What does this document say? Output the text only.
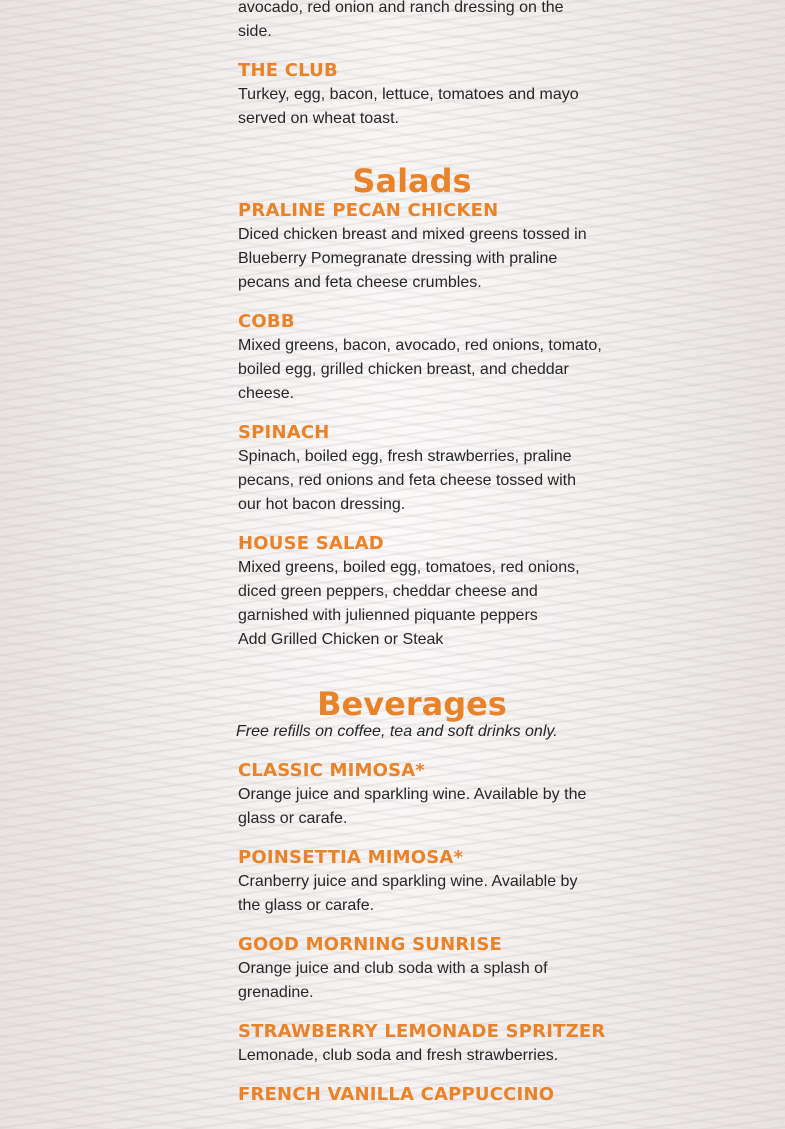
avocado, red onion and ranch dressing on the
side.

THE CLUB

Turkey, egg, bacon, lettuce, tomatoes and mayo
served on wheat toast.

Salads
PRALINE PECAN CHICKEN

Diced chicken breast and mixed greens tossed in
Blueberry Pomegranate dressing with praline
pecans and feta cheese crumbles.

COBB

Mixed greens, bacon, avocado, red onions, tomato,
boiled egg, grilled chicken breast, and cheddar
cheese.

SPINACH

Spinach, boiled egg, fresh strawberries, praline
pecans, red onions and feta cheese tossed with
our hot bacon dressing.

HOUSE SALAD

Mixed greens, boiled egg, tomatoes, red onions,
diced green peppers, cheddar cheese and
garnished with julienned piquante peppers
Add Grilled Chicken or Steak

Beverages

Free refills on coffee, tea and soft drinks only.

CLASSIC MIMOSA*

Orange juice and sparkling wine. Available by the
glass or carafe.

POINSETTIA MIMOSA*

Cranberry juice and sparkling wine. Available by
the glass or carafe.

GOOD MORNING SUNRISE

Orange juice and club soda with a splash of
grenadine.

STRAWBERRY LEMONADE SPRITZER

Lemonade, club soda and fresh strawberries.

FRENCH VANILLA CAPPUCCINO
